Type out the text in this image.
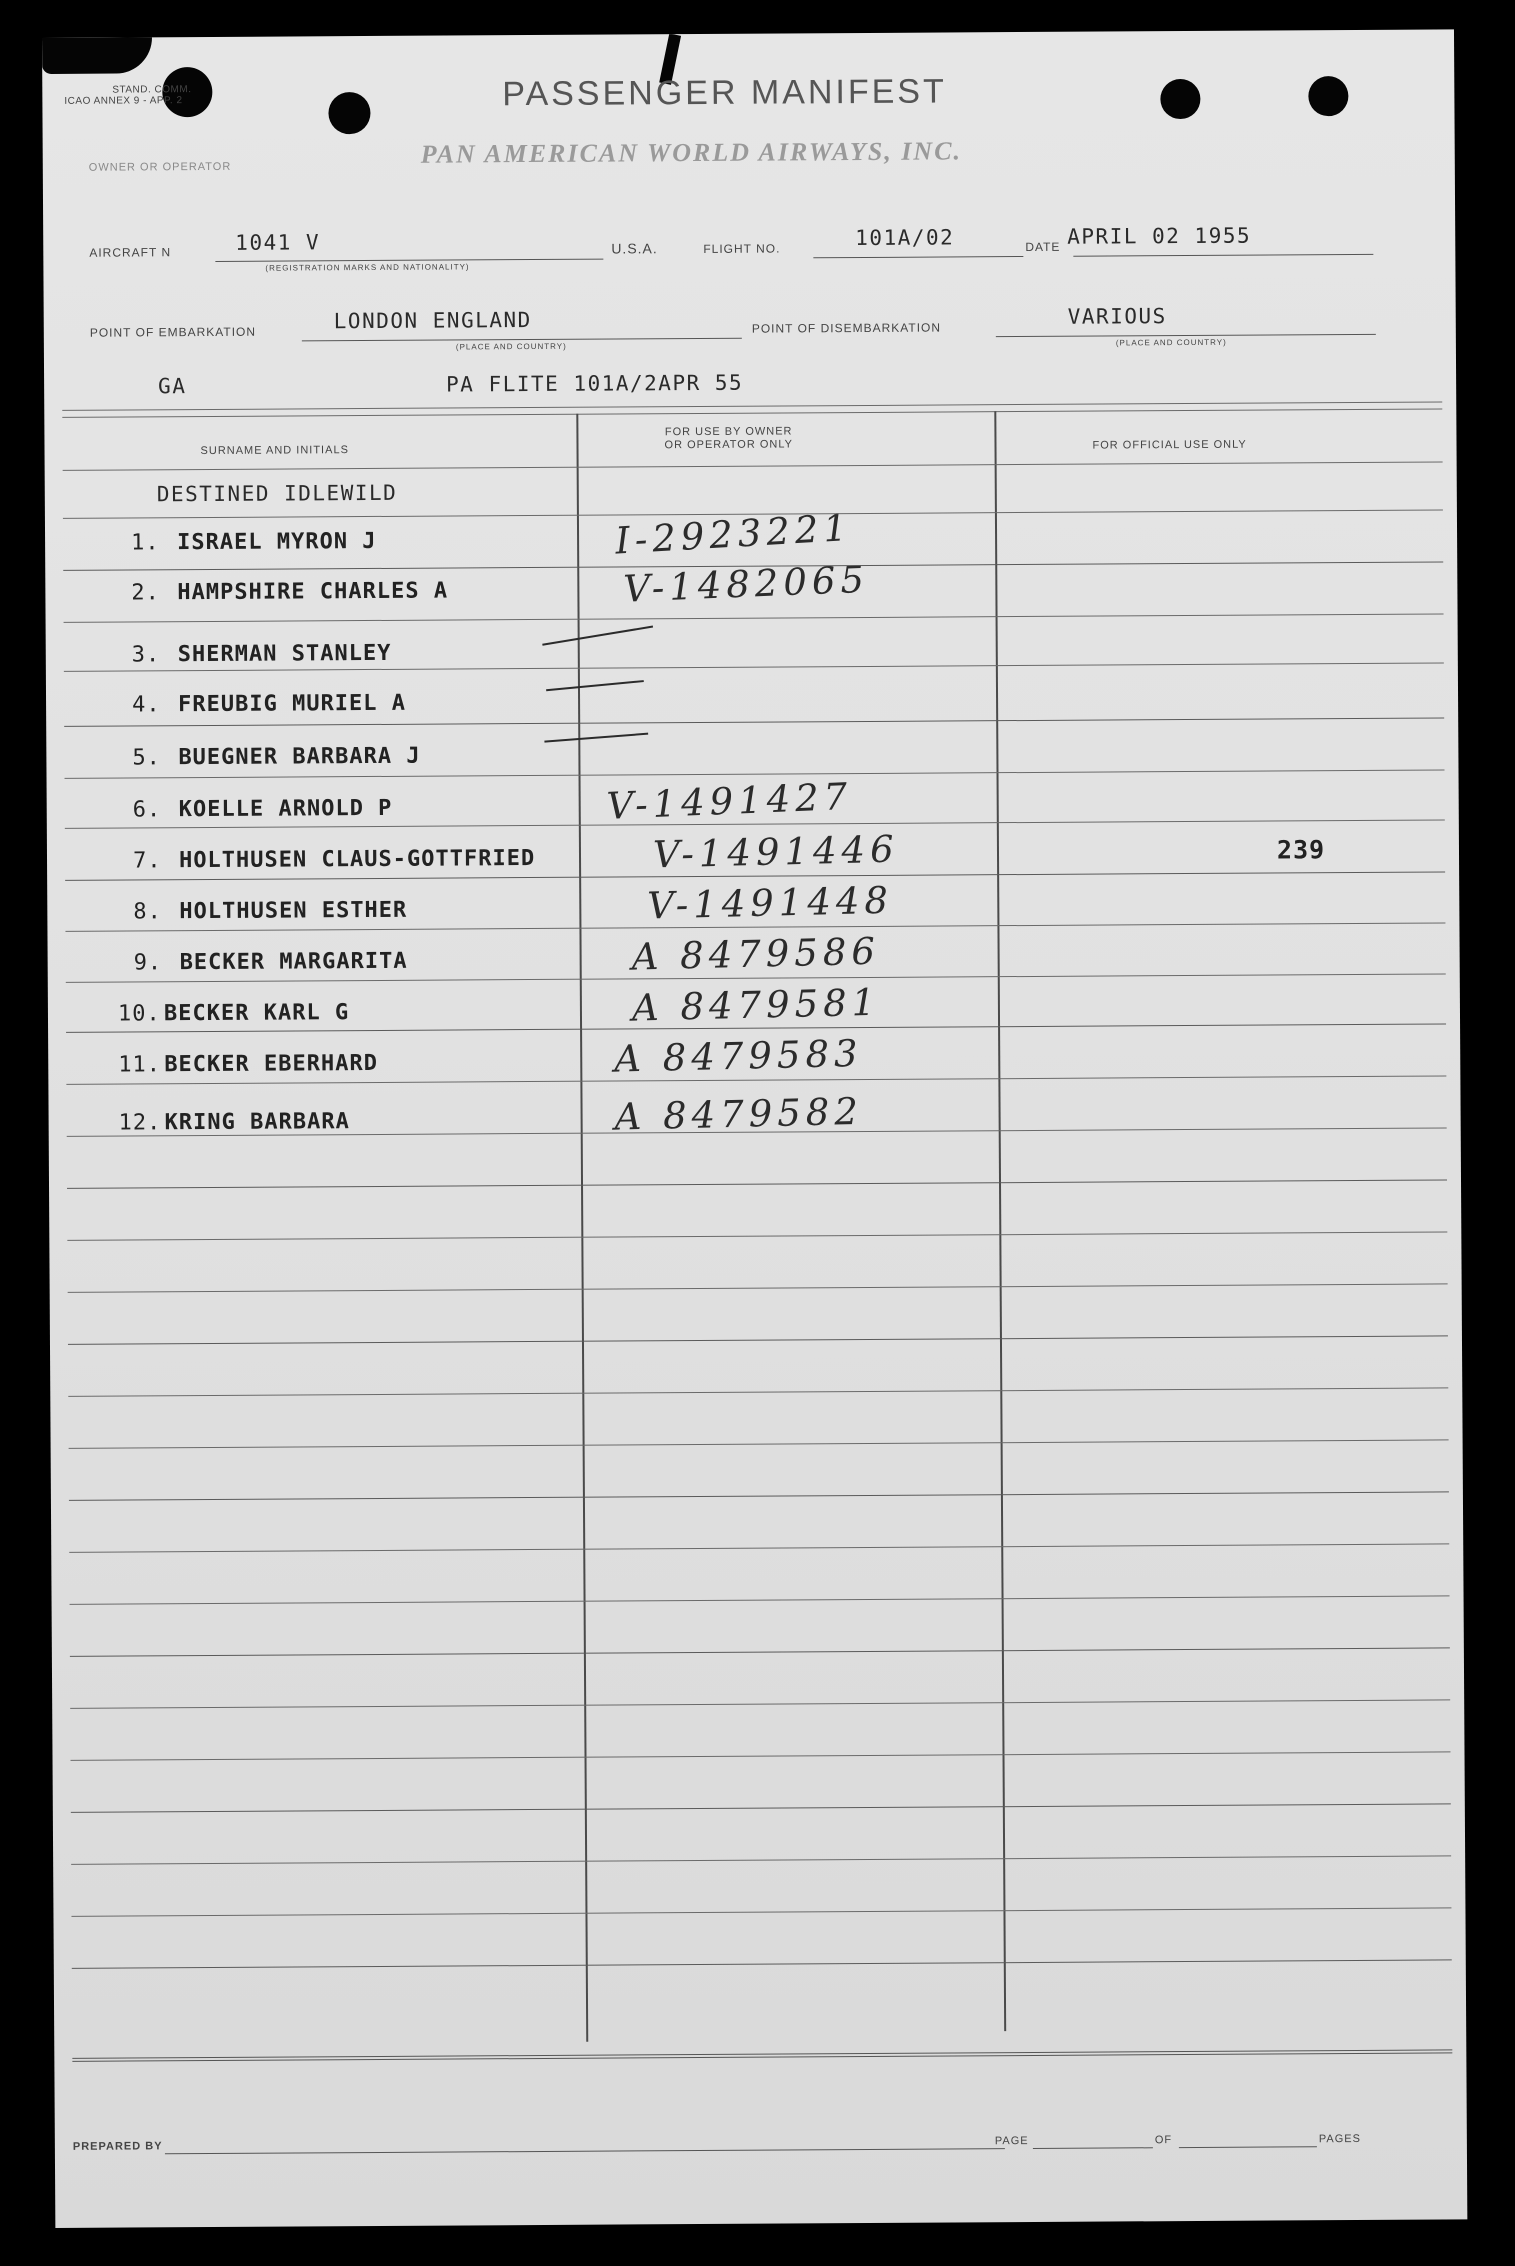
STAND. COMM.
ICAO ANNEX 9 - APP. 2	PASSENGER MANIFEST
OWNER OR OPERATOR	PAN AMERICAN WORLD AIRWAYS, INC.
AIRCRAFT N	1041 V
(REGISTRATION MARKS AND NATIONALITY)
U.S.A.	FLIGHT NO.	101A/02	DATE APRIL 02 1955
POINT OF EMBARKATION	LONDON ENGLAND
(PLACE AND COUNTRY)
POINT OF DISEMBARKATION	VARIOUS
(PLACE AND COUNTRY)
GA	PA FLITE 101A/2APR 55
SURNAME AND INITIALS
FOR USE BY OWNER
OR OPERATOR ONLY	FOR OFFICIAL USE ONLY
DESTINED IDLEWILD
1. ISRAEL MYRON J	I-2923221
2. HAMPSHIRE CHARLES A	V-1482065
3. SHERMAN STANLEY
4. FREUBIG MURIEL A
5. BUEGNER BARBARA J
6. KOELLE ARNOLD P	V-1491427
7. HOLTHUSEN CLAUS-GOTTFRIED	V-1491446	239
8. HOLTHUSEN ESTHER	V-1491448
9. BECKER MARGARITA	A 8479586
10. BECKER KARL G	A 8479581
11. BECKER EBERHARD	A 8479583
12. KRING BARBARA	A 8479582
PREPARED BY	PAGE	OF	PAGES
